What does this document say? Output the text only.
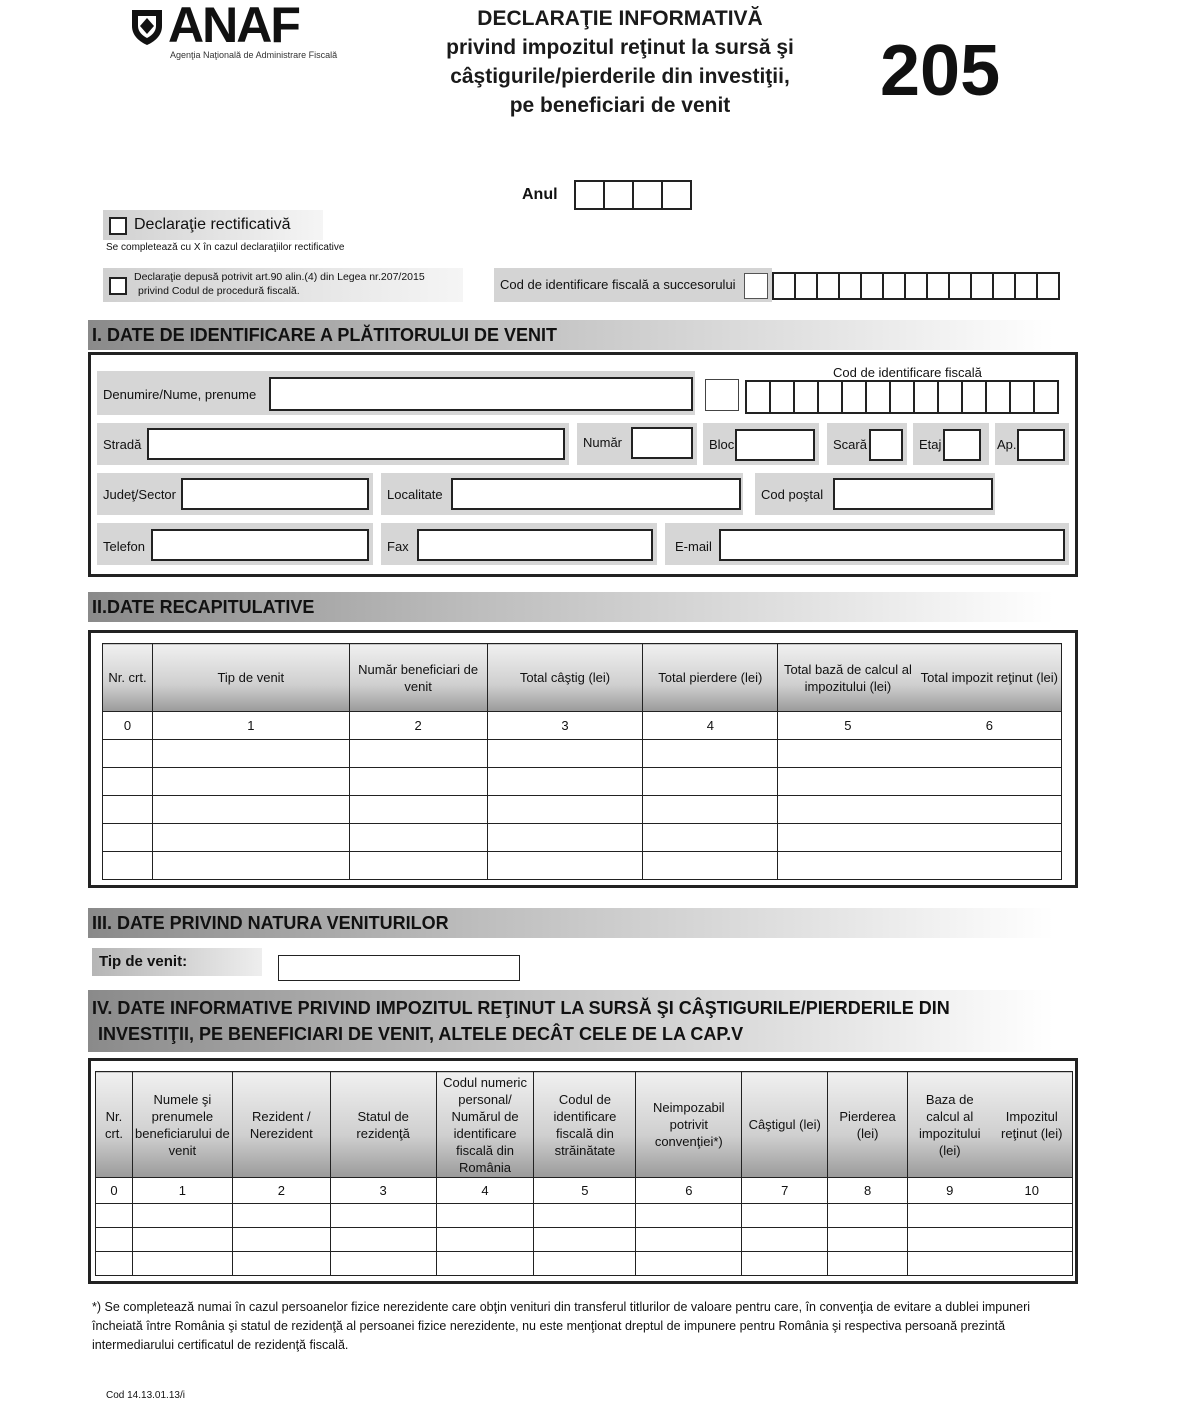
ANAF
Agenţia Naţională de Administrare Fiscală
DECLARAŢIE INFORMATIVĂ
privind impozitul reţinut la sursă şi
câştigurile/pierderile din investiţii,
pe beneficiari de venit	205
Anul
Declaraţie rectificativă
Se completează cu X în cazul declaraţiilor rectificative
Declaraţie depusă potrivit art.90 alin.(4) din Legea nr.207/2015
privind Codul de procedură fiscală.	Cod de identificare fiscală a succesorului
I. DATE DE IDENTIFICARE A PLĂTITORULUI DE VENIT
Denumire/Nume, prenume
Cod de identificare fiscală
Stradă	Număr	Bloc	Scară	Etaj	Ap.
Judeţ/Sector	Localitate	Cod poştal
Telefon	Fax	E-mail
II.DATE RECAPITULATIVE
Nr. crt.	Tip de venit	Număr beneficiari de venit	Total câştig (lei)	Total pierdere (lei)	Total bază de calcul al impozitului (lei)	Total impozit reţinut (lei)
0	1	2	3	4	5	6

III. DATE PRIVIND NATURA VENITURILOR
Tip de venit:
IV. DATE INFORMATIVE PRIVIND IMPOZITUL REŢINUT LA SURSĂ ŞI CÂŞTIGURILE/PIERDERILE DIN
INVESTIŢII, PE BENEFICIARI DE VENIT, ALTELE DECÂT CELE DE LA CAP.V
Nr. crt.	Numele şi prenumele beneficiarului de venit	Rezident / Nerezident	Statul de rezidenţă	Codul numeric personal/ Numărul de identificare fiscală din România	Codul de identificare fiscală din străinătate	Neimpozabil potrivit convenţiei*)	Câştigul (lei)	Pierderea (lei)	Baza de calcul al impozitului (lei)	Impozitul reţinut (lei)
0	1	2	3	4	5	6	7	8	9	10

*) Se completează numai în cazul persoanelor fizice nerezidente care obţin venituri din transferul titlurilor de valoare pentru care, în convenţia de evitare a dublei impuneri încheiată între România şi statul de rezidenţă al persoanei fizice nerezidente, nu este menţionat dreptul de impunere pentru România şi respectiva persoană prezintă intermediarului certificatul de rezidenţă fiscală.
Cod 14.13.01.13/i
